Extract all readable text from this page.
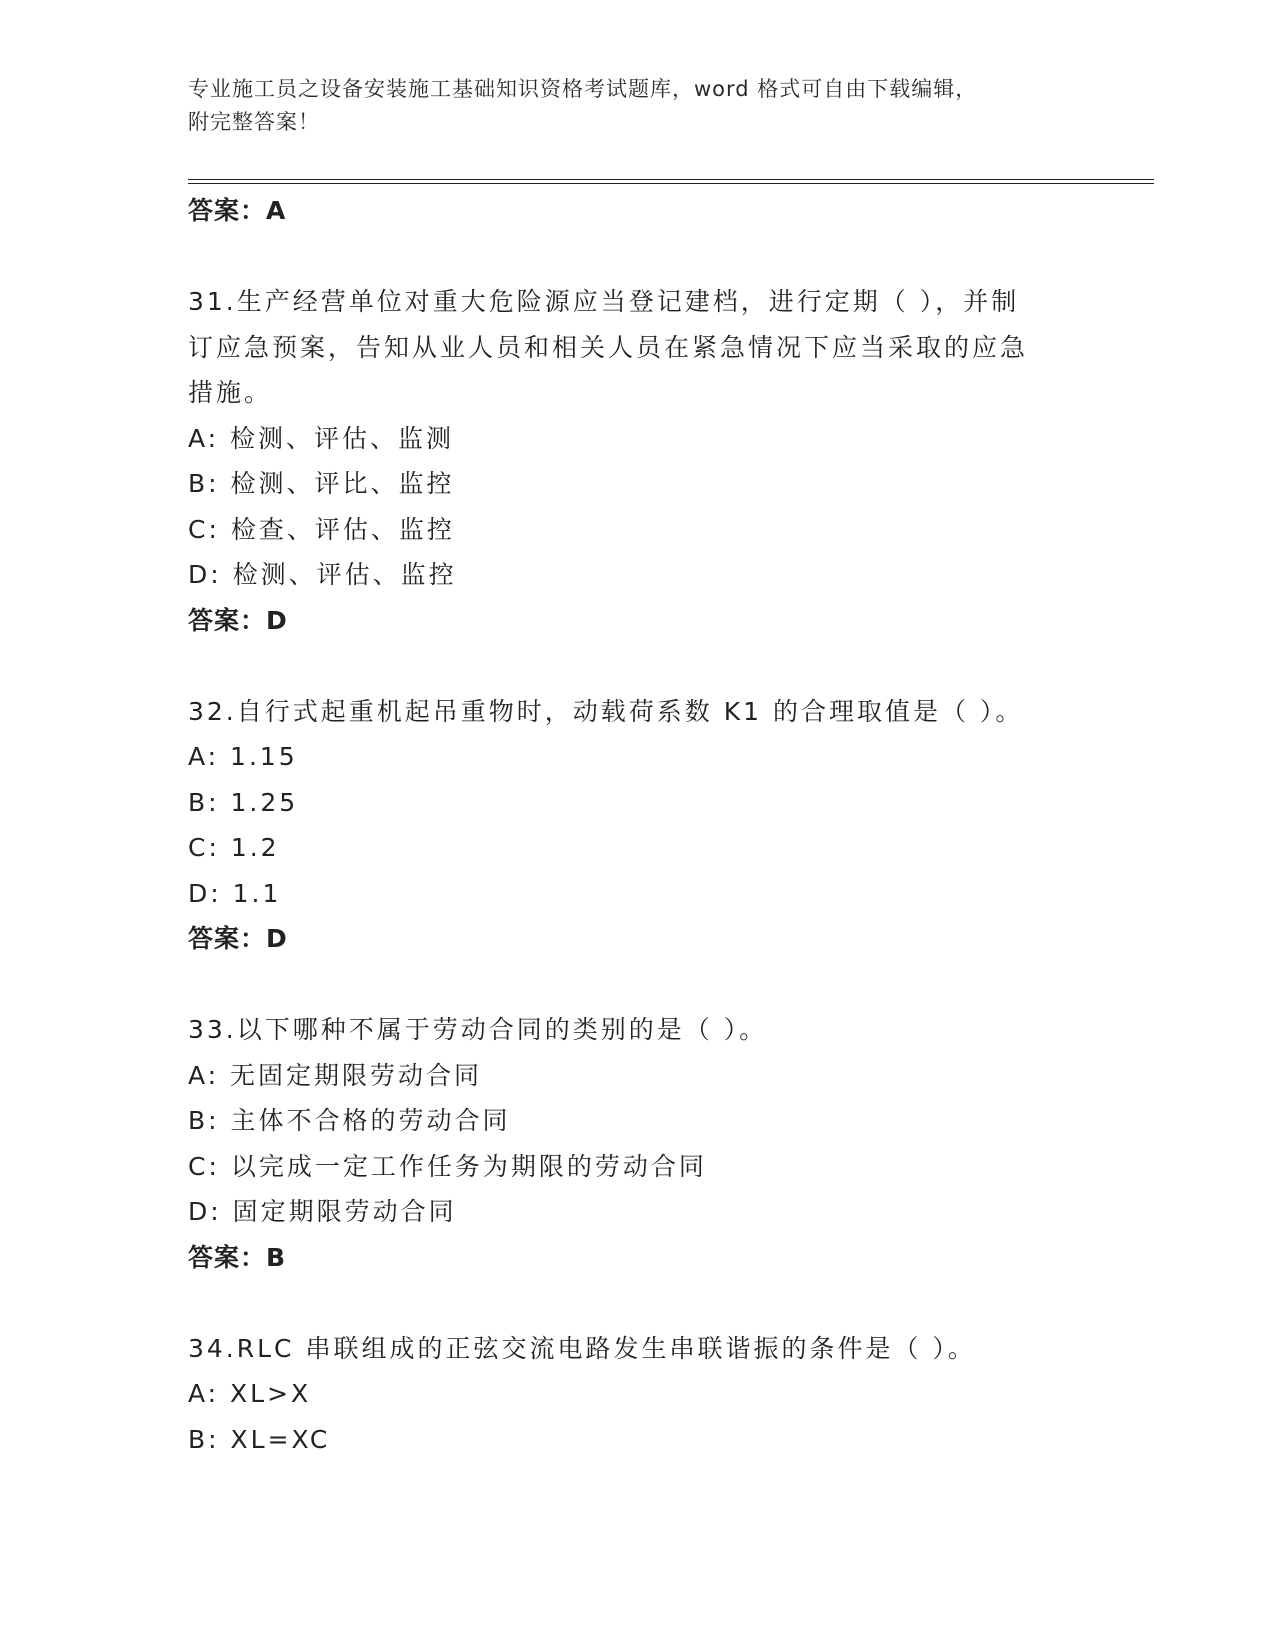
专业施工员之设备安装施工基础知识资格考试题库，word 格式可自由下载编辑，
附完整答案！
答案：A
31.生产经营单位对重大危险源应当登记建档，进行定期（ ），并制
订应急预案，告知从业人员和相关人员在紧急情况下应当采取的应急
措施。
A: 检测、评估、监测
B: 检测、评比、监控
C: 检查、评估、监控
D: 检测、评估、监控
答案：D
32.自行式起重机起吊重物时，动载荷系数 K1 的合理取值是（ ）。
A: 1.15
B: 1.25
C: 1.2
D: 1.1
答案：D
33.以下哪种不属于劳动合同的类别的是（ ）。
A: 无固定期限劳动合同
B: 主体不合格的劳动合同
C: 以完成一定工作任务为期限的劳动合同
D: 固定期限劳动合同
答案：B
34.RLC 串联组成的正弦交流电路发生串联谐振的条件是（ ）。
A: XL>X
B: XL=XC
